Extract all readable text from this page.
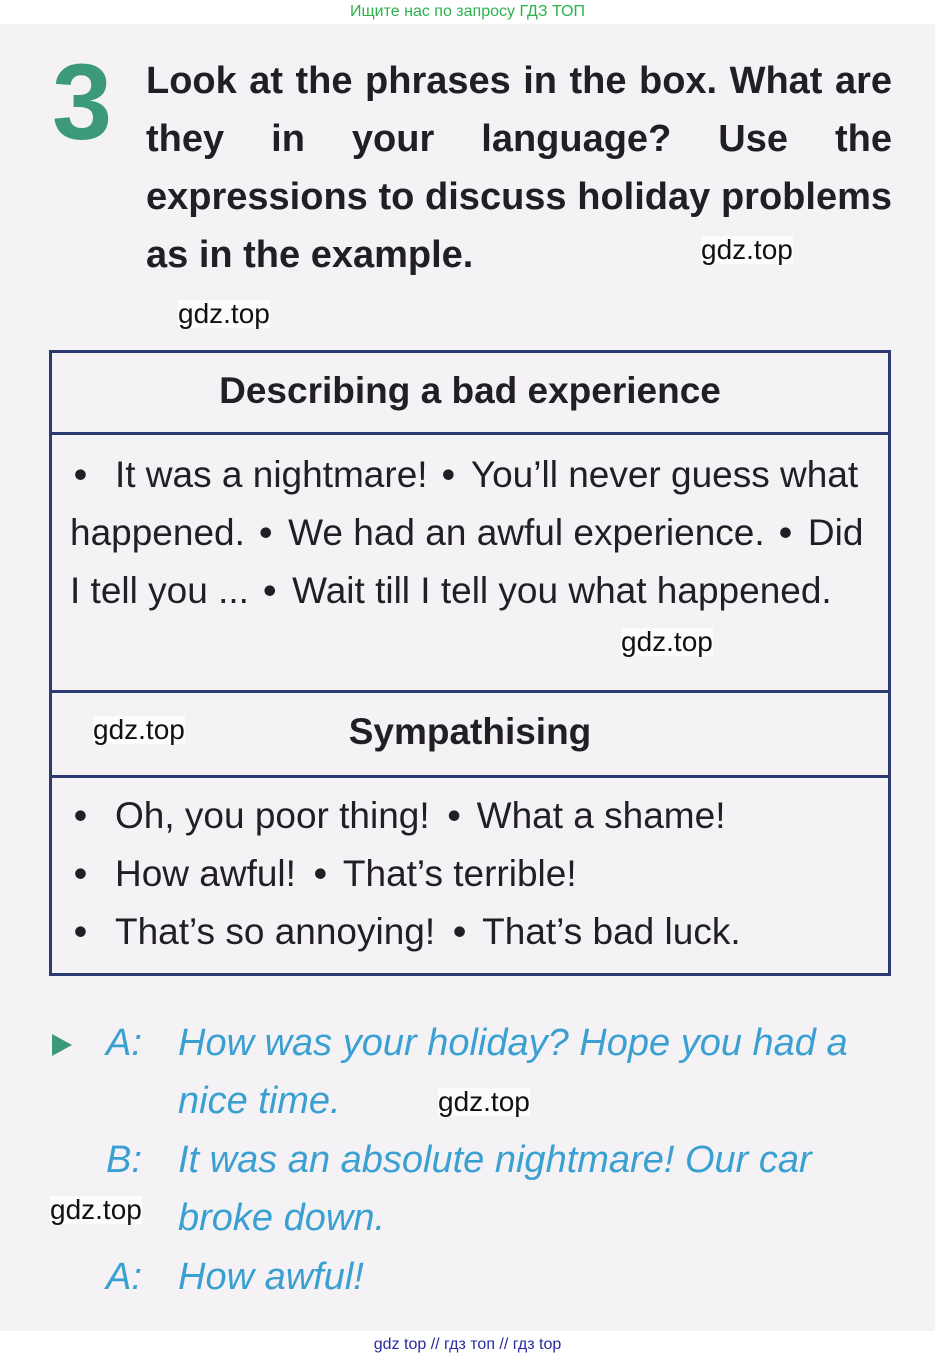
Ищите нас по запросу ГДЗ ТОП
3 Look at the phrases in the box. What are
they in your language? Use the
expressions to discuss holiday problems
as in the example.	gdz.top
gdz.top
Describing a bad experience
• It was a nightmare! • You’ll never guess what happened. • We had an awful experience. • Did I tell you ... • Wait till I tell you what happened.
Sympathising
• Oh, you poor thing! • What a shame!
• How awful! • That’s terrible!
• That’s so annoying! • That’s bad luck.
gdz.top
gdz.top
A: How was your holiday? Hope you had a
nice time.
B: It was an absolute nightmare! Our car
broke down.
A: How awful!
gdz.top
gdz.top
gdz top // гдз топ // гдз top
